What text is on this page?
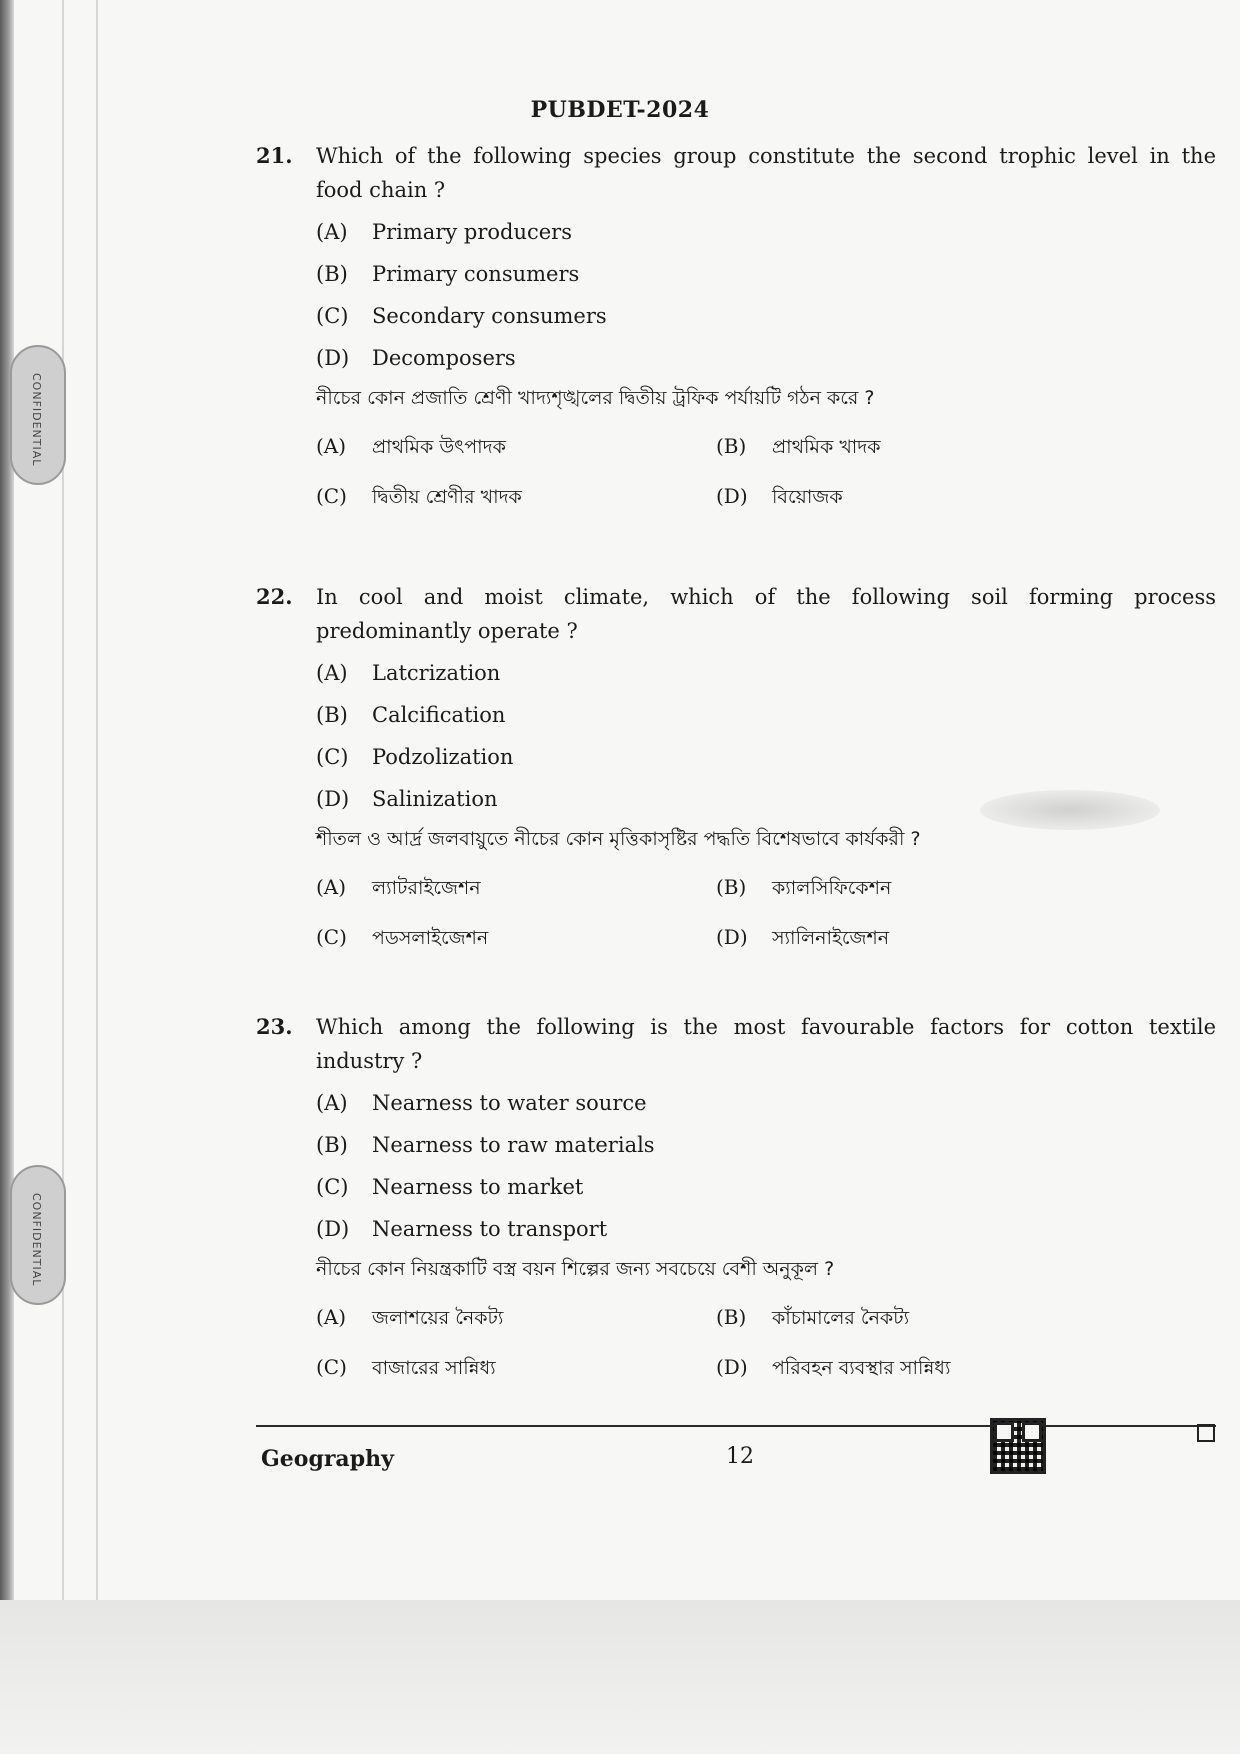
CONFIDENTIAL
CONFIDENTIAL
PUBDET-2024
21. Which of the following species group constitute the second trophic level in the
food chain ?
(A) Primary producers
(B) Primary consumers
(C) Secondary consumers
(D) Decomposers
নীচের কোন প্রজাতি শ্রেণী খাদ্যশৃঙ্খলের দ্বিতীয় ট্রফিক পর্যায়টি গঠন করে ?
(A) প্রাথমিক উৎপাদক	(B) প্রাথমিক খাদক
(C) দ্বিতীয় শ্রেণীর খাদক	(D) বিয়োজক
22. In cool and moist climate, which of the following soil forming process
predominantly operate ?
(A) Latcrization
(B) Calcification
(C) Podzolization
(D) Salinization
শীতল ও আর্দ্র জলবায়ুতে নীচের কোন মৃত্তিকাসৃষ্টির পদ্ধতি বিশেষভাবে কার্যকরী ?
(A) ল্যাটরাইজেশন	(B) ক্যালসিফিকেশন
(C) পডসলাইজেশন	(D) স্যালিনাইজেশন
23. Which among the following is the most favourable factors for cotton textile
industry ?
(A) Nearness to water source
(B) Nearness to raw materials
(C) Nearness to market
(D) Nearness to transport
নীচের কোন নিয়ন্ত্রকাটি বস্ত্র বয়ন শিল্পের জন্য সবচেয়ে বেশী অনুকূল ?
(A) জলাশয়ের নৈকট্য	(B) কাঁচামালের নৈকট্য
(C) বাজারের সান্নিধ্য	(D) পরিবহন ব্যবস্থার সান্নিধ্য
Geography	12
